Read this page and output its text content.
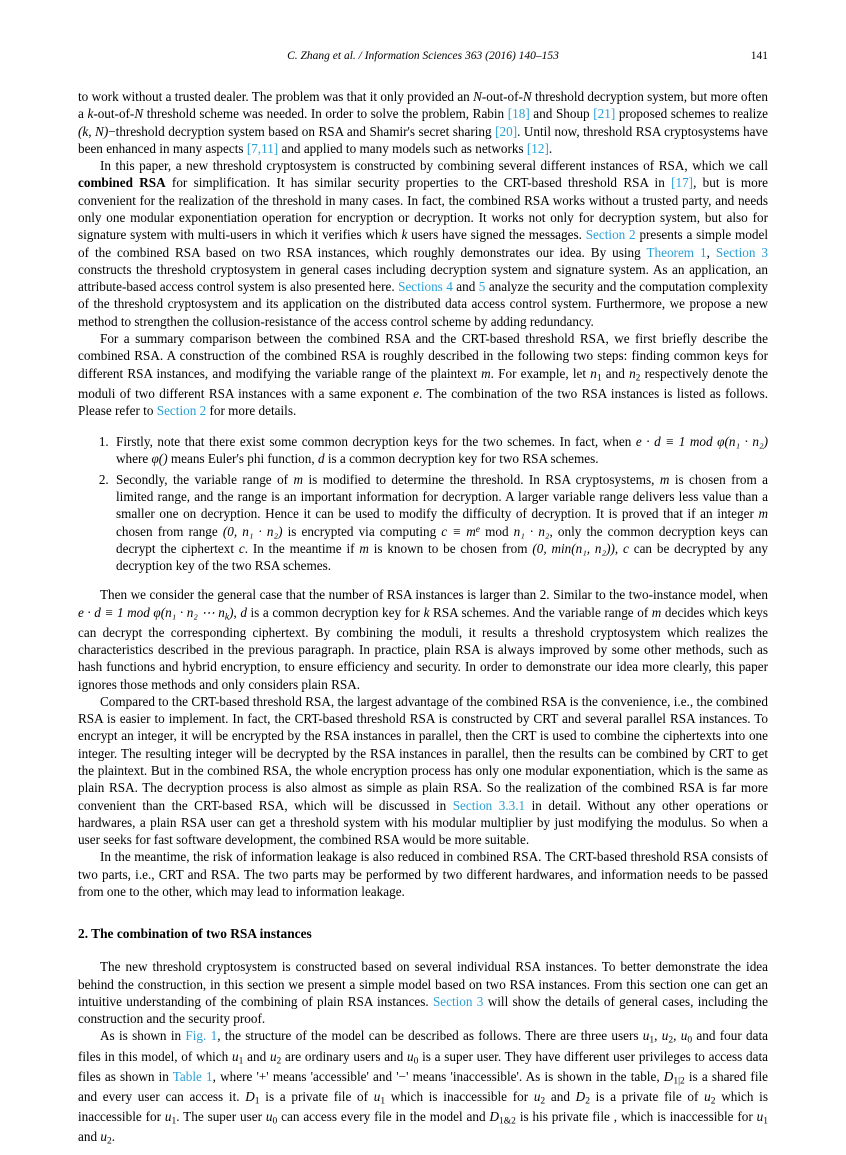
C. Zhang et al. / Information Sciences 363 (2016) 140–153	141

to work without a trusted dealer. The problem was that it only provided an N-out-of-N threshold decryption system, but more often a k-out-of-N threshold scheme was needed. In order to solve the problem, Rabin [18] and Shoup [21] proposed schemes to realize (k, N)−threshold decryption system based on RSA and Shamir's secret sharing [20]. Until now, threshold RSA cryptosystems have been enhanced in many aspects [7,11] and applied to many models such as networks [12].

In this paper, a new threshold cryptosystem is constructed by combining several different instances of RSA, which we call combined RSA for simplification. It has similar security properties to the CRT-based threshold RSA in [17], but is more convenient for the realization of the threshold in many cases. In fact, the combined RSA works without a trusted party, and needs only one modular exponentiation operation for encryption or decryption. It works not only for decryption system, but also for signature system with multi-users in which it verifies which k users have signed the messages. Section 2 presents a simple model of the combined RSA based on two RSA instances, which roughly demonstrates our idea. By using Theorem 1, Section 3 constructs the threshold cryptosystem in general cases including decryption system and signature system. As an application, an attribute-based access control system is also presented here. Sections 4 and 5 analyze the security and the computation complexity of the threshold cryptosystem and its application on the distributed data access control system. Furthermore, we propose a new method to strengthen the collusion-resistance of the access control scheme by adding redundancy.

For a summary comparison between the combined RSA and the CRT-based threshold RSA, we first briefly describe the combined RSA. A construction of the combined RSA is roughly described in the following two steps: finding common keys for different RSA instances, and modifying the variable range of the plaintext m. For example, let $n_1$ and $n_2$ respectively denote the moduli of two different RSA instances with a same exponent e. The combination of the two RSA instances is listed as follows. Please refer to Section 2 for more details.

1. Firstly, note that there exist some common decryption keys for the two schemes. In fact, when e · d ≡ 1 mod φ(n₁ · n₂) where φ() means Euler's phi function, d is a common decryption key for two RSA schemes.
2. Secondly, the variable range of m is modified to determine the threshold. In RSA cryptosystems, m is chosen from a limited range, and the range is an important information for decryption. A larger variable range delivers less value than a smaller one on decryption. Hence it can be used to modify the difficulty of decryption. It is proved that if an integer m chosen from range (0, n₁ · n₂) is encrypted via computing $c \equiv m^e$ mod n₁ · n₂, only the common decryption keys can decrypt the ciphertext c. In the meantime if m is known to be chosen from (0, min(n₁, n₂)), c can be decrypted by any decryption key of the two RSA schemes.

Then we consider the general case that the number of RSA instances is larger than 2. Similar to the two-instance model, when e · d ≡ 1 mod φ(n₁ · n₂ ⋯ $n_k$), d is a common decryption key for k RSA schemes. And the variable range of m decides which keys can decrypt the corresponding ciphertext. By combining the moduli, it results a threshold cryptosystem which realizes the characteristics described in the previous paragraph. In practice, plain RSA is always improved by some other methods, such as hash functions and hybrid encryption, to ensure efficiency and security. In order to demonstrate our idea more clearly, this paper ignores those methods and only considers plain RSA.

Compared to the CRT-based threshold RSA, the largest advantage of the combined RSA is the convenience, i.e., the combined RSA is easier to implement. In fact, the CRT-based threshold RSA is constructed by CRT and several parallel RSA instances. To encrypt an integer, it will be encrypted by the RSA instances in parallel, then the CRT is used to combine the ciphertexts into one integer. The resulting integer will be decrypted by the RSA instances in parallel, then the results can be combined by CRT to get the plaintext. But in the combined RSA, the whole encryption process has only one modular exponentiation, which is the same as plain RSA. The decryption process is also almost as simple as plain RSA. So the realization of the combined RSA is far more convenient than the CRT-based RSA, which will be discussed in Section 3.3.1 in detail. Without any other operations or hardwares, a plain RSA user can get a threshold system with his modular multiplier by just modifying the modulus. So when a user seeks for fast software development, the combined RSA would be more suitable.

In the meantime, the risk of information leakage is also reduced in combined RSA. The CRT-based threshold RSA consists of two parts, i.e., CRT and RSA. The two parts may be performed by two different hardwares, and information needs to be passed from one to the other, which may lead to information leakage.

2. The combination of two RSA instances

The new threshold cryptosystem is constructed based on several individual RSA instances. To better demonstrate the idea behind the construction, in this section we present a simple model based on two RSA instances. From this section one can get an intuitive understanding of the combining of plain RSA instances. Section 3 will show the details of general cases, including the construction and the security proof.

As is shown in Fig. 1, the structure of the model can be described as follows. There are three users $u_1$, $u_2$, $u_0$ and four data files in this model, of which $u_1$ and $u_2$ are ordinary users and $u_0$ is a super user. They have different user privileges to access data files as shown in Table 1, where '+' means 'accessible' and '−' means 'inaccessible'. As is shown in the table, $D_{1|2}$ is a shared file and every user can access it. $D_1$ is a private file of $u_1$ which is inaccessible for $u_2$ and $D_2$ is a private file of $u_2$ which is inaccessible for $u_1$. The super user $u_0$ can access every file in the model and $D_{1\&2}$ is his private file , which is inaccessible for $u_1$ and $u_2$.
